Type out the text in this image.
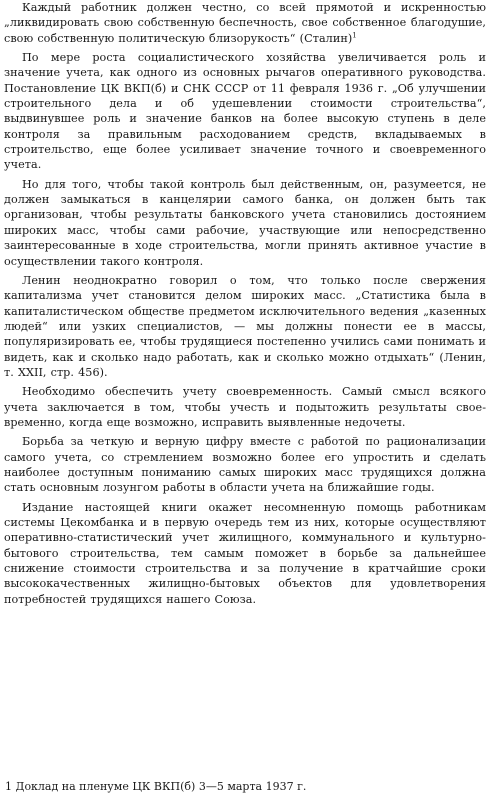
Каждый работник должен честно, со всей прямотой и искренностью „ликвидировать свою собственную беспечность, свое собственное благодушие, свою собственную политическую близорукость“ (Сталин)$^1$

По мере роста социалистического хозяйства увеличивается роль и значение учета, как одного из основных рычагов оперативного руководства. Постановление ЦК ВКП(б) и СНК СССР от 11 февраля 1936 г. „Об улучшении строительного дела и об удешевлении стоимости строительства“, выдвинувшее роль и значение банков на более высокую ступень в деле контроля за правильным расходованием средств, вкладываемых в строительство, еще более усиливает значение точного и своевременного учета.

Но для того, чтобы такой контроль был действенным, он, разумеется, не должен замыкаться в канцелярии самого банка, он должен быть так организован, чтобы результаты банковского учета становились достоянием широких масс, чтобы сами рабочие, участвующие или непосредственно заинтересованные в ходе строительства, могли принять активное участие в осуществлении такого контроля.

Ленин неоднократно говорил о том, что только после свержения капитализма учет становится делом широких масс. „Статистика была в капиталистическом обществе предметом исключительного ведения „казенных людей“ или узких специалистов, — мы должны понести ее в массы, популяризировать ее, чтобы трудящиеся постепенно учились сами понимать и видеть, как и сколько надо работать, как и сколько можно отдыхать“ (Ленин, т. XXII, стр. 456).

Необходимо обеспечить учету своевременность. Самый смысл всякого учета заключается в том, чтобы учесть и подытожить результаты своевременно, когда еще возможно, исправить выявленные недочеты.

Борьба за четкую и верную цифру вместе с работой по рационализации самого учета, со стремлением возможно более его упростить и сделать наиболее доступным пониманию самых широких масс трудящихся должна стать основным лозунгом работы в области учета на ближайшие годы.

Издание настоящей книги окажет несомненную помощь работникам системы Цекомбанка и в первую очередь тем из них, которые осуществляют оперативно-статистический учет жилищного, коммунального и культурно-бытового строительства, тем самым поможет в борьбе за дальнейшее снижение стоимости строительства и за получение в кратчайшие сроки высококачественных жилищно-бытовых объектов для удовлетворения потребностей трудящихся нашего Союза.

1 Доклад на пленуме ЦК ВКП(б) 3—5 марта 1937 г.
